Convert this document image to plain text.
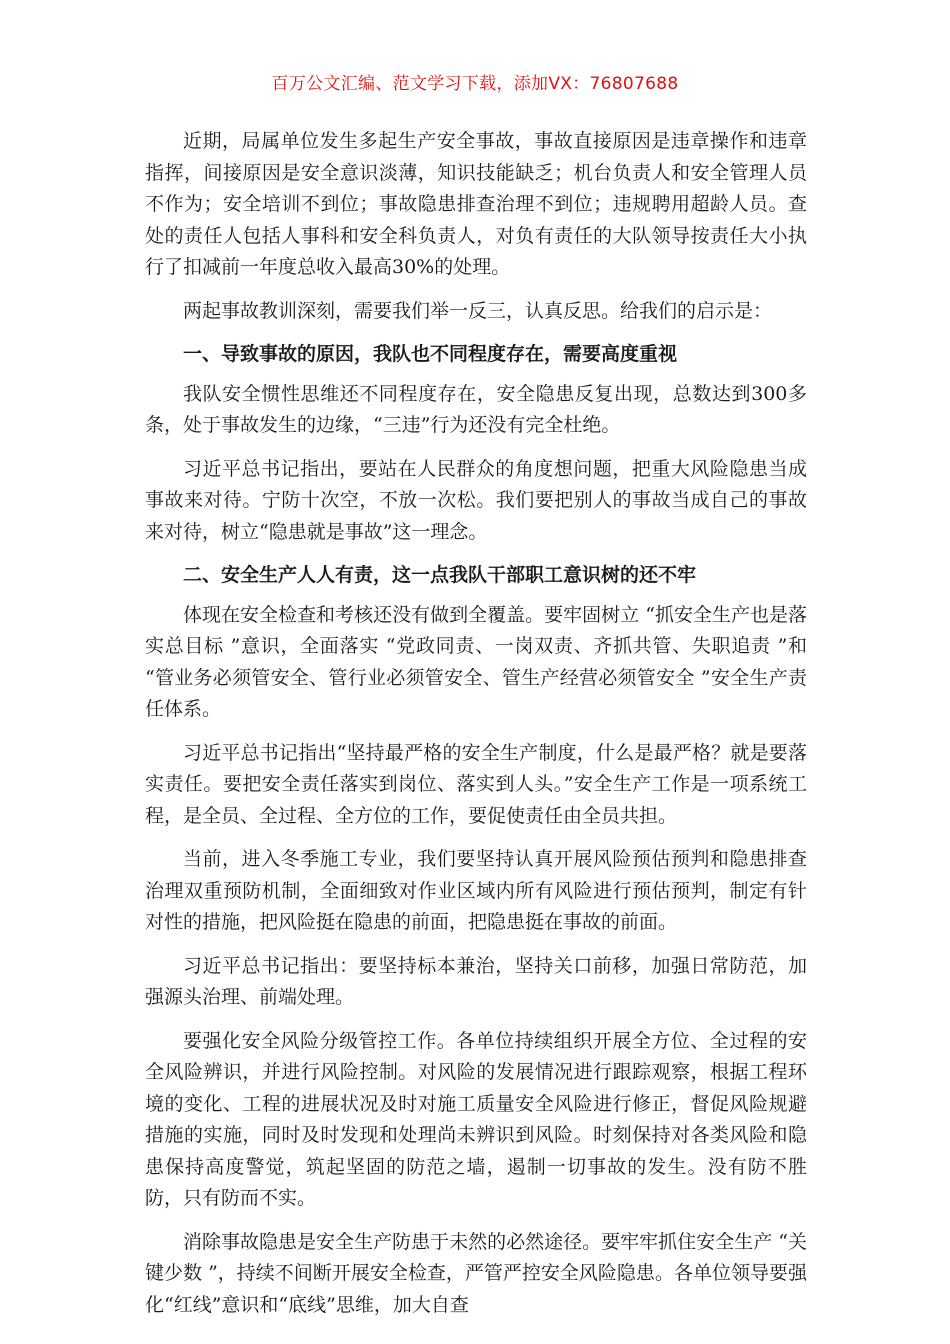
百万公文汇编、范文学习下载，添加VX：76807688

近期，局属单位发生多起生产安全事故，事故直接原因是违章操作和违章指挥，间接原因是安全意识淡薄，知识技能缺乏；机台负责人和安全管理人员不作为；安全培训不到位；事故隐患排查治理不到位；违规聘用超龄人员。查处的责任人包括人事科和安全科负责人，对负有责任的大队领导按责任大小执行了扣减前一年度总收入最高30%的处理。

两起事故教训深刻，需要我们举一反三，认真反思。给我们的启示是：

一、导致事故的原因，我队也不同程度存在，需要高度重视

我队安全惯性思维还不同程度存在，安全隐患反复出现，总数达到300多条，处于事故发生的边缘，“三违”行为还没有完全杜绝。

习近平总书记指出，要站在人民群众的角度想问题，把重大风险隐患当成事故来对待。宁防十次空，不放一次松。我们要把别人的事故当成自己的事故来对待，树立“隐患就是事故”这一理念。

二、安全生产人人有责，这一点我队干部职工意识树的还不牢

体现在安全检查和考核还没有做到全覆盖。要牢固树立 “抓安全生产也是落实总目标 ”意识，全面落实 “党政同责、一岗双责、齐抓共管、失职追责 ”和 “管业务必须管安全、管行业必须管安全、管生产经营必须管安全 ”安全生产责任体系。

习近平总书记指出“坚持最严格的安全生产制度，什么是最严格？就是要落实责任。要把安全责任落实到岗位、落实到人头。”安全生产工作是一项系统工程，是全员、全过程、全方位的工作，要促使责任由全员共担。

当前，进入冬季施工专业，我们要坚持认真开展风险预估预判和隐患排查治理双重预防机制，全面细致对作业区域内所有风险进行预估预判，制定有针对性的措施，把风险挺在隐患的前面，把隐患挺在事故的前面。

习近平总书记指出：要坚持标本兼治，坚持关口前移，加强日常防范，加强源头治理、前端处理。

要强化安全风险分级管控工作。各单位持续组织开展全方位、全过程的安全风险辨识，并进行风险控制。对风险的发展情况进行跟踪观察，根据工程环境的变化、工程的进展状况及时对施工质量安全风险进行修正，督促风险规避措施的实施，同时及时发现和处理尚未辨识到风险。时刻保持对各类风险和隐患保持高度警觉，筑起坚固的防范之墙，遏制一切事故的发生。没有防不胜防，只有防而不实。

消除事故隐患是安全生产防患于未然的必然途径。要牢牢抓住安全生产 “关键少数 ”，持续不间断开展安全检查，严管严控安全风险隐患。各单位领导要强化“红线”意识和“底线”思维，加大自查
